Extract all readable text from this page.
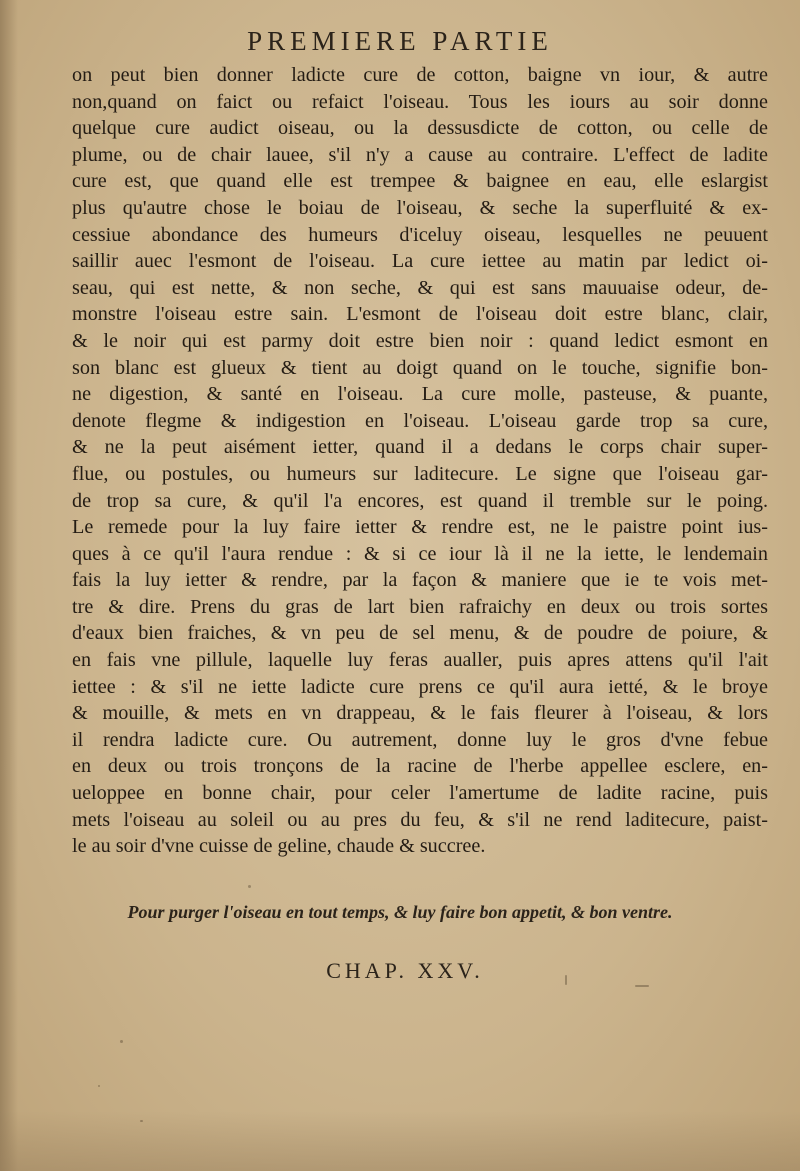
PREMIERE PARTIE
on peut bien donner ladicte cure de cotton, baigne vn iour, & autre
non,quand on faict ou refaict l'oiseau. Tous les iours au soir donne
quelque cure audict oiseau, ou la dessusdicte de cotton, ou celle de
plume, ou de chair lauee, s'il n'y a cause au contraire. L'effect de ladite
cure est, que quand elle est trempee & baignee en eau, elle eslargist
plus qu'autre chose le boiau de l'oiseau, & seche la superfluité & ex-
cessiue abondance des humeurs d'iceluy oiseau, lesquelles ne peuuent
saillir auec l'esmont de l'oiseau. La cure iettee au matin par ledict oi-
seau, qui est nette, & non seche, & qui est sans mauuaise odeur, de-
monstre l'oiseau estre sain. L'esmont de l'oiseau doit estre blanc, clair,
& le noir qui est parmy doit estre bien noir : quand ledict esmont en
son blanc est glueux & tient au doigt quand on le touche, signifie bon-
ne digestion, & santé en l'oiseau. La cure molle, pasteuse, & puante,
denote flegme & indigestion en l'oiseau. L'oiseau garde trop sa cure,
& ne la peut aisément ietter, quand il a dedans le corps chair super-
flue, ou postules, ou humeurs sur laditecure. Le signe que l'oiseau gar-
de trop sa cure, & qu'il l'a encores, est quand il tremble sur le poing.
Le remede pour la luy faire ietter & rendre est, ne le paistre point ius-
ques à ce qu'il l'aura rendue : & si ce iour là il ne la iette, le lendemain
fais la luy ietter & rendre, par la façon & maniere que ie te vois met-
tre & dire. Prens du gras de lart bien rafraichy en deux ou trois sortes
d'eaux bien fraiches, & vn peu de sel menu, & de poudre de poiure, &
en fais vne pillule, laquelle luy feras aualler, puis apres attens qu'il l'ait
iettee : & s'il ne iette ladicte cure prens ce qu'il aura ietté, & le broye
& mouille, & mets en vn drappeau, & le fais fleurer à l'oiseau, & lors
il rendra ladicte cure. Ou autrement, donne luy le gros d'vne febue
en deux ou trois tronçons de la racine de l'herbe appellee esclere, en-
ueloppee en bonne chair, pour celer l'amertume de ladite racine, puis
mets l'oiseau au soleil ou au pres du feu, & s'il ne rend laditecure, paist-
le au soir d'vne cuisse de geline, chaude & succree.
Pour purger l'oiseau en tout temps, & luy faire bon appetit, & bon ventre.
CHAP. XXV.
